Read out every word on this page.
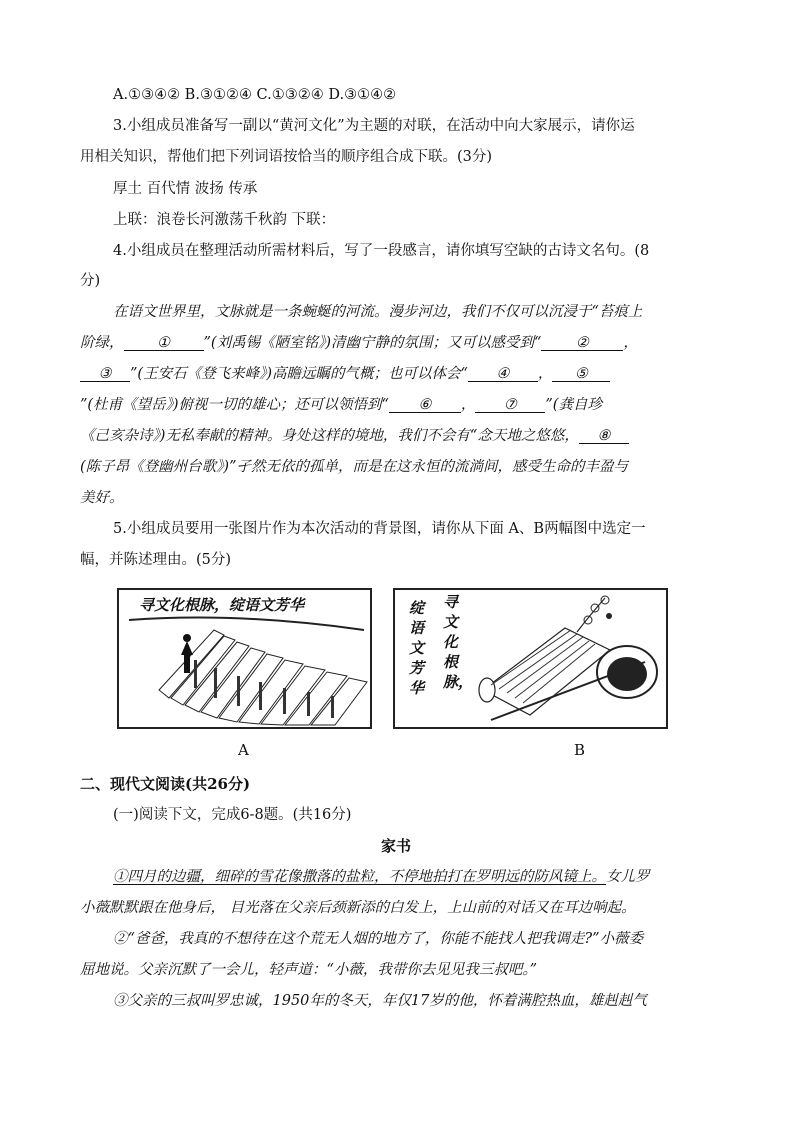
A.①③④② B.③①②④ C.①③②④ D.③①④②
3.小组成员准备写一副以“黄河文化”为主题的对联，在活动中向大家展示，请你运
用相关知识，帮他们把下列词语按恰当的顺序组合成下联。(3分)
厚土 百代情 波扬 传承
上联：浪卷长河激荡千秋韵 下联：
4.小组成员在整理活动所需材料后，写了一段感言，请你填写空缺的古诗文名句。(8
分)
在语文世界里，文脉就是一条蜿蜒的河流。漫步河边，我们不仅可以沉浸于“苔痕上
阶绿， ① ”(刘禹锡《陋室铭》)清幽宁静的氛围；又可以感受到“ ② ，
③ ”(王安石《登飞来峰》)高瞻远瞩的气概；也可以体会“ ④ ， ⑤
”(杜甫《望岳》)俯视一切的雄心；还可以领悟到“ ⑥ ， ⑦ ”(龚自珍
《己亥杂诗》)无私奉献的精神。身处这样的境地，我们不会有“念天地之悠悠， ⑧
(陈子昂《登幽州台歌》)”孑然无依的孤单，而是在这永恒的流淌间，感受生命的丰盈与
美好。
5.小组成员要用一张图片作为本次活动的背景图，请你从下面 A、B两幅图中选定一
幅，并陈述理由。(5分)
寻文化根脉，绽语文芳华
A
绽语文芳华
寻文化根脉，
B
二、现代文阅读(共26分)
(一)阅读下文，完成6-8题。(共16分)
家书
①四月的边疆，细碎的雪花像撒落的盐粒，不停地拍打在罗明远的防风镜上。女儿罗
小薇默默跟在他身后， 目光落在父亲后颈新添的白发上，上山前的对话又在耳边响起。
②“爸爸，我真的不想待在这个荒无人烟的地方了，你能不能找人把我调走?”小薇委
屈地说。父亲沉默了一会儿，轻声道：“小薇，我带你去见见我三叔吧。”
③父亲的三叔叫罗忠诚，1950年的冬天，年仅17岁的他，怀着满腔热血，雄赳赳气
